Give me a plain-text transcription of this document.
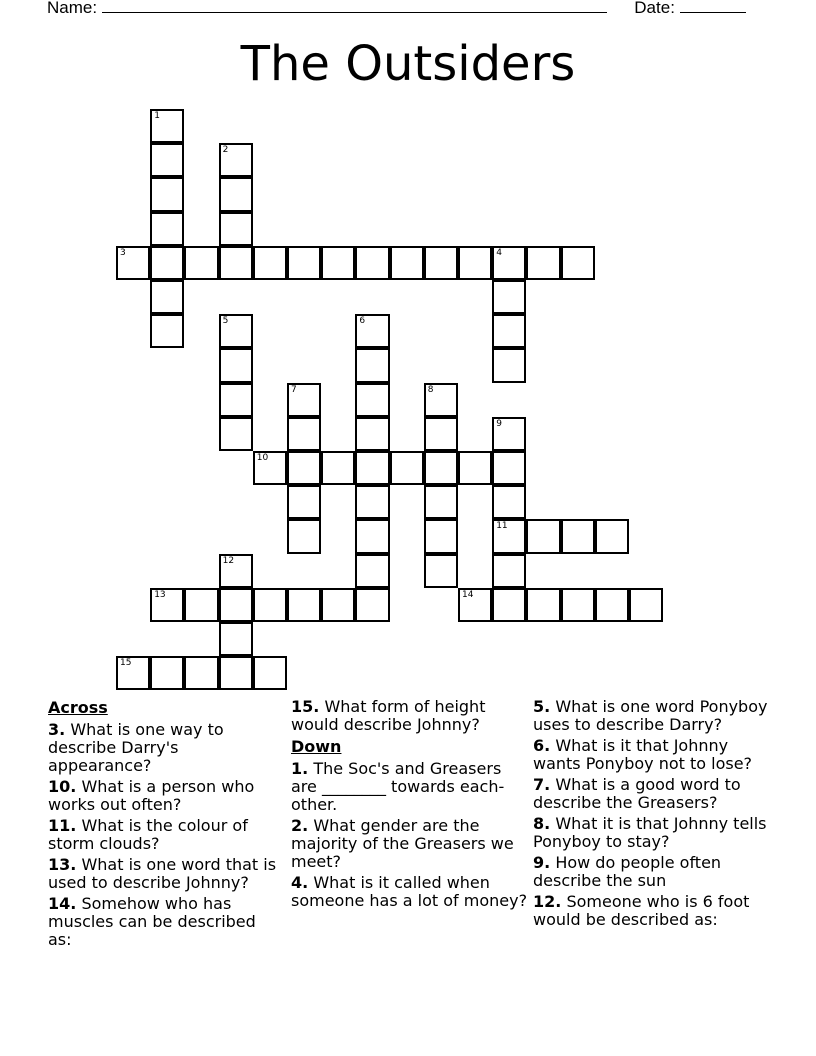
Name:	Date:
The Outsiders
1
2
3	4
5	6
7	8
9
11
10
12
13	14
15
Across
3. What is one way to describe Darry's appearance?
10. What is a person who works out often?
11. What is the colour of storm clouds?
13. What is one word that is used to describe Johnny?
14. Somehow who has muscles can be described as:
15. What form of height would describe Johnny?
Down
1. The Soc's and Greasers are ________ towards each-other.
2. What gender are the majority of the Greasers we meet?
4. What is it called when someone has a lot of money?
5. What is one word Ponyboy uses to describe Darry?
6. What is it that Johnny wants Ponyboy not to lose?
7. What is a good word to describe the Greasers?
8. What it is that Johnny tells Ponyboy to stay?
9. How do people often describe the sun
12. Someone who is 6 foot would be described as:
